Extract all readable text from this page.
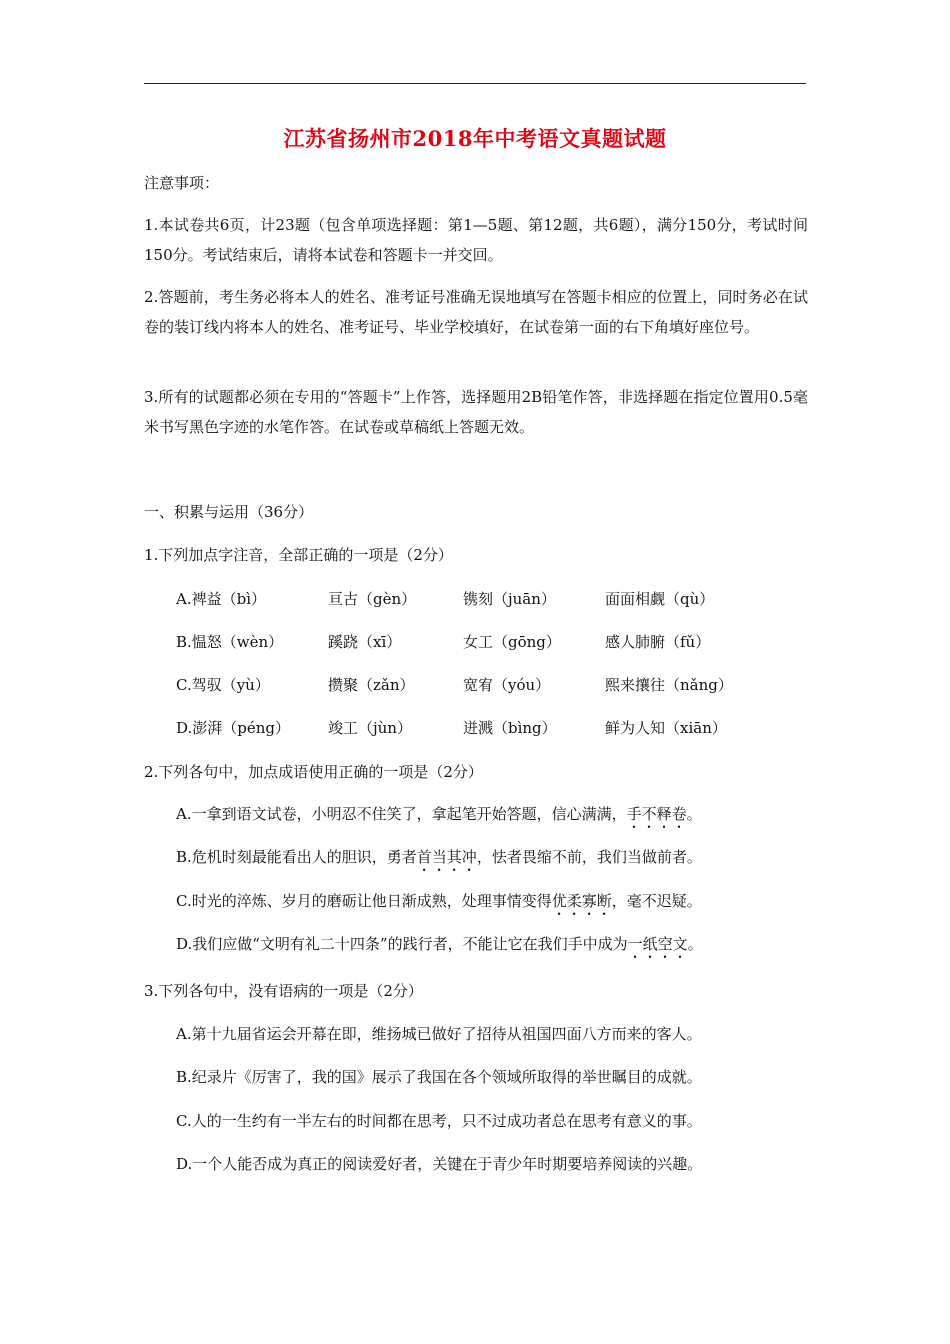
江苏省扬州市2018年中考语文真题试题
注意事项：
1.本试卷共6页，计23题（包含单项选择题：第1—5题、第12题，共6题），满分150分，考试时间150分。考试结束后，请将本试卷和答题卡一并交回。
2.答题前，考生务必将本人的姓名、准考证号准确无误地填写在答题卡相应的位置上，同时务必在试卷的装订线内将本人的姓名、准考证号、毕业学校填好，在试卷第一面的右下角填好座位号。
3.所有的试题都必须在专用的“答题卡”上作答，选择题用2B铅笔作答，非选择题在指定位置用0.5毫米书写黑色字迹的水笔作答。在试卷或草稿纸上答题无效。
一、积累与运用（36分）
1.下列加点字注音，全部正确的一项是（2分）
A.裨益（bì）	亘古（gèn）	镌刻（juān）	面面相觑（qù）
B.愠怒（wèn）	蹊跷（xī）	女工（gōng）	感人肺腑（fǔ）
C.驾驭（yù）	攒聚（zǎn）	宽宥（yóu）	熙来攘往（nǎng）
D.澎湃（péng）	竣工（jùn）	迸溅（bìng）	鲜为人知（xiān）
2.下列各句中，加点成语使用正确的一项是（2分）
A.一拿到语文试卷，小明忍不住笑了，拿起笔开始答题，信心满满，手不释卷。
B.危机时刻最能看出人的胆识，勇者首当其冲，怯者畏缩不前，我们当做前者。
C.时光的淬炼、岁月的磨砺让他日渐成熟，处理事情变得优柔寡断，毫不迟疑。
D.我们应做“文明有礼二十四条”的践行者，不能让它在我们手中成为一纸空文。
3.下列各句中，没有语病的一项是（2分）
A.第十九届省运会开幕在即，维扬城已做好了招待从祖国四面八方而来的客人。
B.纪录片《厉害了，我的国》展示了我国在各个领域所取得的举世瞩目的成就。
C.人的一生约有一半左右的时间都在思考，只不过成功者总在思考有意义的事。
D.一个人能否成为真正的阅读爱好者，关键在于青少年时期要培养阅读的兴趣。
